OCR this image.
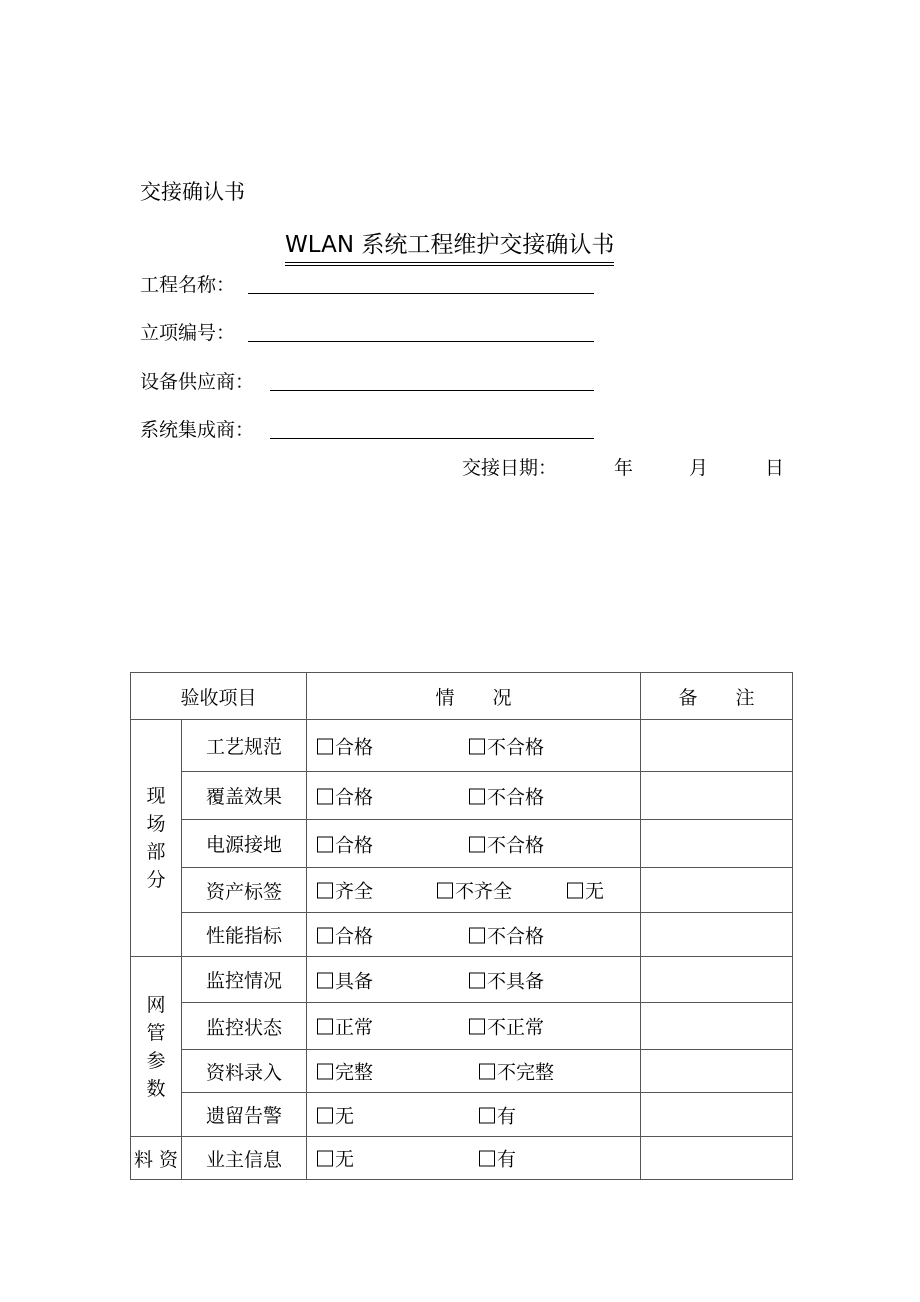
交接确认书
WLAN 系统工程维护交接确认书
工程名称：
立项编号：
设备供应商：
系统集成商：
交接日期：	年	月	日
验收项目		情　　况	备　　注
现场部分	工艺规范	合格 不合格	

	覆盖效果	合格 不合格	

	电源接地	合格 不合格	

	资产标签	齐全 不齐全 无	

	性能指标	合格 不合格	

网管参数	监控情况	具备 不具备	

	监控状态	正常 不正常	

	资料录入	完整 不完整	

	遗留告警	无 有	

料 资	业主信息	无 有	
